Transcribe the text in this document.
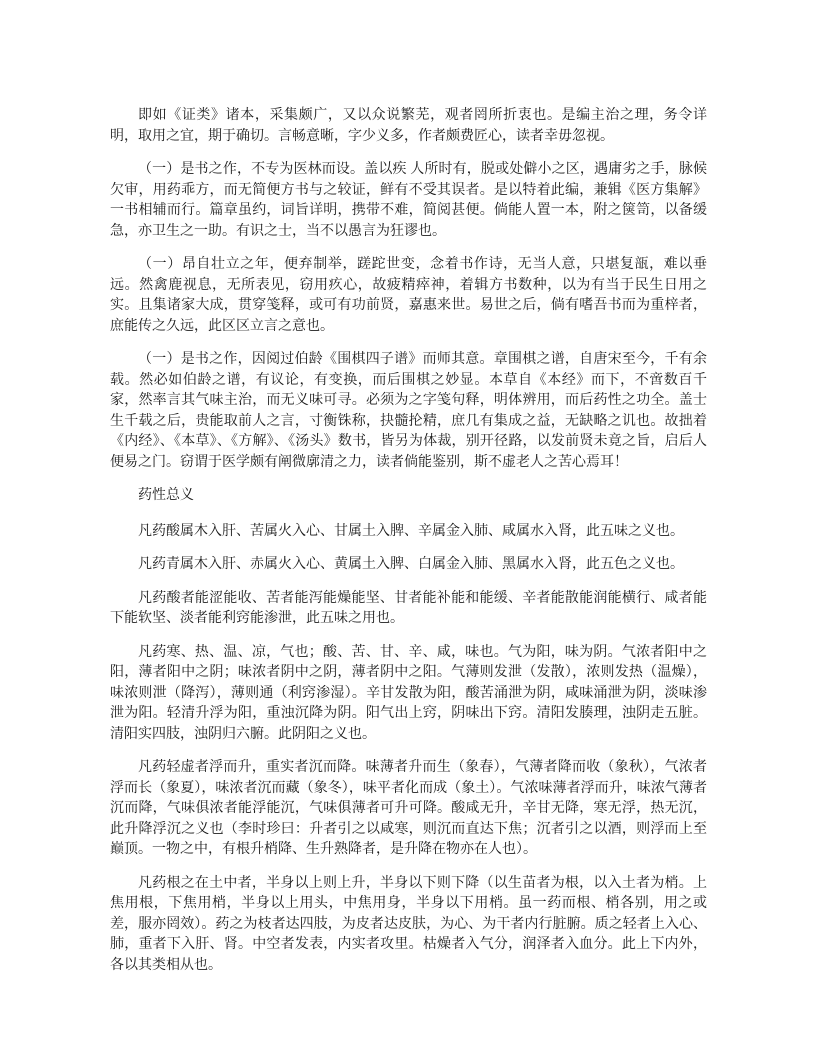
即如《证类》诸本，采集颇广，又以众说繁芜，观者罔所折衷也。是编主治之理，务令详明，取用之宜，期于确切。言畅意晰，字少义多，作者颇费匠心，读者幸毋忽视。

（一）是书之作，不专为医林而设。盖以疾 人所时有，脱或处僻小之区，遇庸劣之手，脉候欠审，用药乖方，而无简便方书与之较证，鲜有不受其误者。是以特着此编，兼辑《医方集解》一书相辅而行。篇章虽约，词旨详明，携带不难，简阅甚便。倘能人置一本，附之箧笥，以备缓急，亦卫生之一助。有识之士，当不以愚言为狂谬也。

（一）昂自壮立之年，便弃制举，蹉跎世变，念着书作诗，无当人意，只堪复瓿，难以垂远。然禽鹿视息，无所表见，窃用疚心，故疲精瘁神，着辑方书数种，以为有当于民生日用之实。且集诸家大成，贯穿笺释，或可有功前贤，嘉惠来世。易世之后，倘有嗜吾书而为重梓者，庶能传之久远，此区区立言之意也。

（一）是书之作，因阅过伯龄《围棋四子谱》而师其意。章围棋之谱，自唐宋至今，千有余载。然必如伯龄之谱，有议论，有变换，而后围棋之妙显。本草自《本经》而下，不啻数百千家，然率言其气味主治，而无义味可寻。必须为之字笺句释，明体辨用，而后药性之功全。盖士生千载之后，贵能取前人之言，寸衡铢称，抉髓抡精，庶几有集成之益，无缺略之讥也。故拙着《内经》、《本草》、《方解》、《汤头》数书，皆另为体裁，别开径路，以发前贤未竟之旨，启后人便易之门。窃谓于医学颇有阐微廓清之力，读者倘能鉴别，斯不虚老人之苦心焉耳！

药性总义

凡药酸属木入肝、苦属火入心、甘属土入脾、辛属金入肺、咸属水入肾，此五味之义也。

凡药青属木入肝、赤属火入心、黄属土入脾、白属金入肺、黑属水入肾，此五色之义也。

凡药酸者能涩能收、苦者能泻能燥能坚、甘者能补能和能缓、辛者能散能润能横行、咸者能下能软坚、淡者能利窍能渗泄，此五味之用也。

凡药寒、热、温、凉，气也；酸、苦、甘、辛、咸，味也。气为阳，味为阴。气浓者阳中之阳，薄者阳中之阴；味浓者阴中之阴，薄者阴中之阳。气薄则发泄（发散），浓则发热（温燥），味浓则泄（降泻），薄则通（利窍渗湿）。辛甘发散为阳，酸苦涌泄为阴，咸味涌泄为阴，淡味渗泄为阳。轻清升浮为阳，重浊沉降为阴。阳气出上窍，阴味出下窍。清阳发腠理，浊阴走五脏。清阳实四肢，浊阴归六腑。此阴阳之义也。

凡药轻虚者浮而升，重实者沉而降。味薄者升而生（象春），气薄者降而收（象秋），气浓者浮而长（象夏），味浓者沉而藏（象冬），味平者化而成（象土）。气浓味薄者浮而升，味浓气薄者沉而降，气味俱浓者能浮能沉，气味俱薄者可升可降。酸咸无升，辛甘无降，寒无浮，热无沉，此升降浮沉之义也（李时珍曰：升者引之以咸寒，则沉而直达下焦；沉者引之以酒，则浮而上至巅顶。一物之中，有根升梢降、生升熟降者，是升降在物亦在人也）。

凡药根之在土中者，半身以上则上升，半身以下则下降（以生苗者为根，以入土者为梢。上焦用根，下焦用梢，半身以上用头，中焦用身，半身以下用梢。虽一药而根、梢各别，用之或差，服亦罔效）。药之为枝者达四肢，为皮者达皮肤，为心、为干者内行脏腑。质之轻者上入心、肺，重者下入肝、肾。中空者发表，内实者攻里。枯燥者入气分，润泽者入血分。此上下内外，各以其类相从也。
